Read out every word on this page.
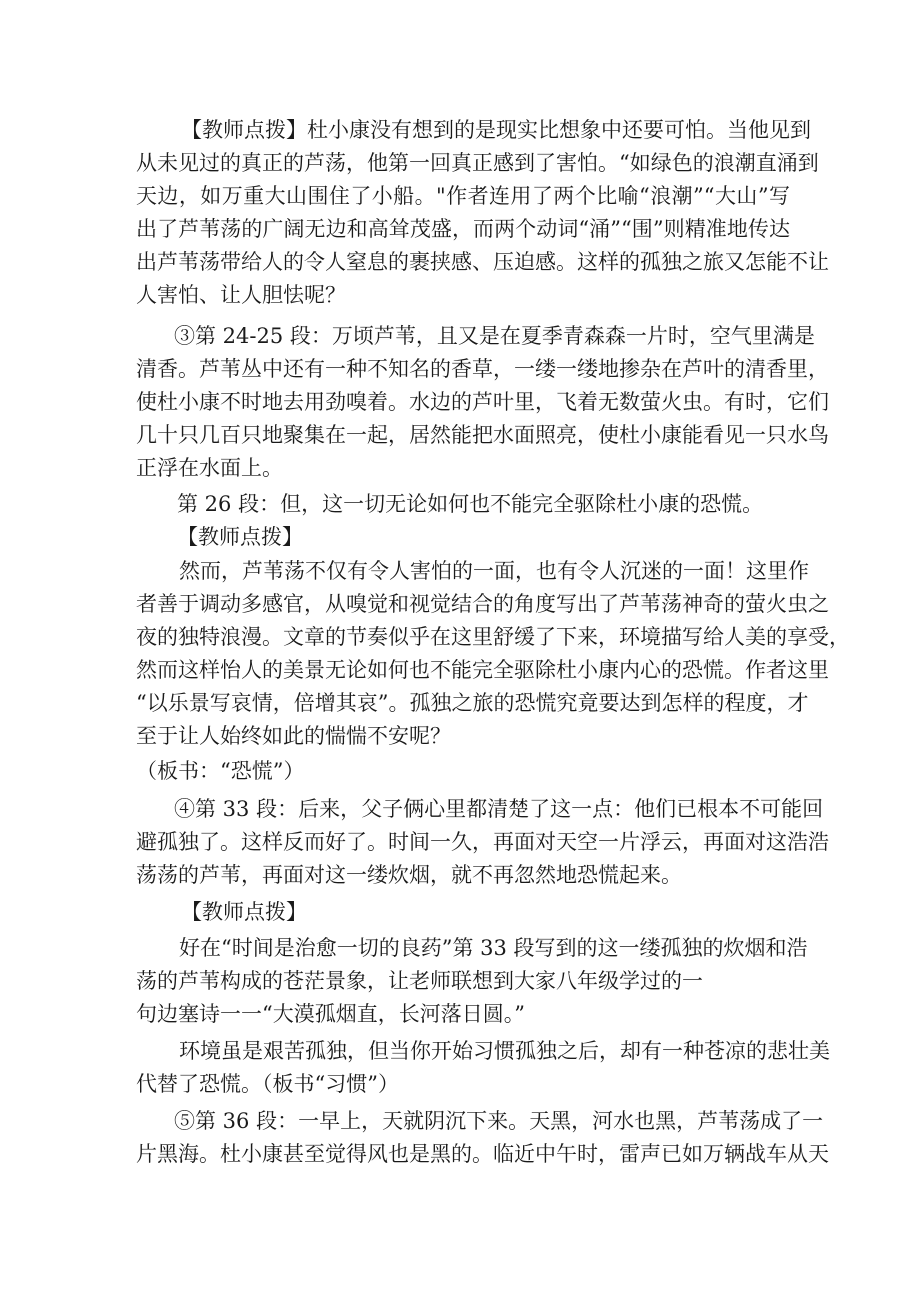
【教师点拨】杜小康没有想到的是现实比想象中还要可怕。当他见到
从未见过的真正的芦荡，他第一回真正感到了害怕。“如绿色的浪潮直涌到
天边，如万重大山围住了小船。"作者连用了两个比喻“浪潮”“大山”写
出了芦苇荡的广阔无边和高耸茂盛，而两个动词“涌”“围”则精准地传达
出芦苇荡带给人的令人窒息的裹挟感、压迫感。这样的孤独之旅又怎能不让
人害怕、让人胆怯呢？
③第 24-25 段：万顷芦苇，且又是在夏季青森森一片时，空气里满是
清香。芦苇丛中还有一种不知名的香草，一缕一缕地掺杂在芦叶的清香里，
使杜小康不时地去用劲嗅着。水边的芦叶里，飞着无数萤火虫。有时，它们
几十只几百只地聚集在一起，居然能把水面照亮，使杜小康能看见一只水鸟
正浮在水面上。
第 26 段：但，这一切无论如何也不能完全驱除杜小康的恐慌。
【教师点拨】
然而，芦苇荡不仅有令人害怕的一面，也有令人沉迷的一面！这里作
者善于调动多感官，从嗅觉和视觉结合的角度写出了芦苇荡神奇的萤火虫之
夜的独特浪漫。文章的节奏似乎在这里舒缓了下来，环境描写给人美的享受，
然而这样怡人的美景无论如何也不能完全驱除杜小康内心的恐慌。作者这里
“以乐景写哀情，倍增其哀”。孤独之旅的恐慌究竟要达到怎样的程度，才
至于让人始终如此的惴惴不安呢？
（板书：“恐慌”）
④第 33 段：后来，父子俩心里都清楚了这一点：他们已根本不可能回
避孤独了。这样反而好了。时间一久，再面对天空一片浮云，再面对这浩浩
荡荡的芦苇，再面对这一缕炊烟，就不再忽然地恐慌起来。
【教师点拨】
好在“时间是治愈一切的良药”第 33 段写到的这一缕孤独的炊烟和浩
荡的芦苇构成的苍茫景象，让老师联想到大家八年级学过的一
句边塞诗一一“大漠孤烟直，长河落日圆。”
环境虽是艰苦孤独，但当你开始习惯孤独之后，却有一种苍凉的悲壮美
代替了恐慌。（板书“习惯”）
⑤第 36 段：一早上，天就阴沉下来。天黑，河水也黑，芦苇荡成了一
片黑海。杜小康甚至觉得风也是黑的。临近中午时，雷声已如万辆战车从天
